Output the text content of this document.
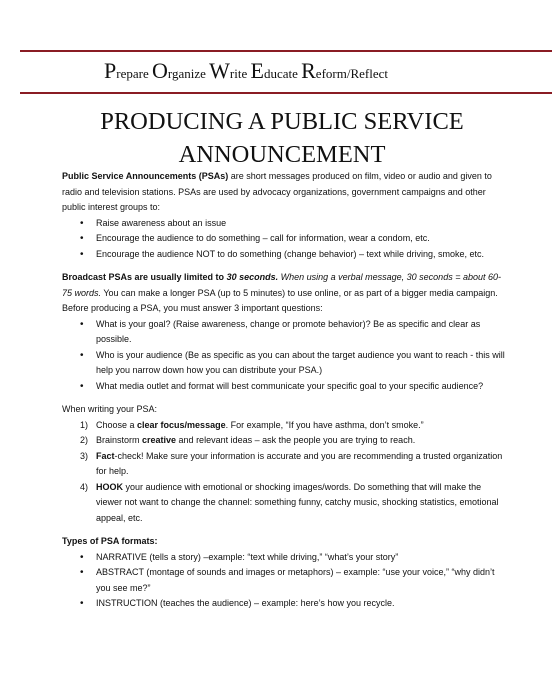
Prepare Organize Write Educate Reform/Reflect
PRODUCING A PUBLIC SERVICE
ANNOUNCEMENT

Public Service Announcements (PSAs) are short messages produced on film, video or audio and given to radio and television stations. PSAs are used by advocacy organizations, government campaigns and other public interest groups to:

• Raise awareness about an issue
• Encourage the audience to do something – call for information, wear a condom, etc.
• Encourage the audience NOT to do something (change behavior) – text while driving, smoke, etc.

Broadcast PSAs are usually limited to 30 seconds. When using a verbal message, 30 seconds = about 60-75 words. You can make a longer PSA (up to 5 minutes) to use online, or as part of a bigger media campaign.

Before producing a PSA, you must answer 3 important questions:

• What is your goal? (Raise awareness, change or promote behavior)? Be as specific and clear as possible.
• Who is your audience (Be as specific as you can about the target audience you want to reach - this will help you narrow down how you can distribute your PSA.)
• What media outlet and format will best communicate your specific goal to your specific audience?

When writing your PSA:

1) Choose a clear focus/message. For example, “If you have asthma, don’t smoke.”
2) Brainstorm creative and relevant ideas – ask the people you are trying to reach.
3) Fact-check! Make sure your information is accurate and you are recommending a trusted organization for help.
4) HOOK your audience with emotional or shocking images/words. Do something that will make the viewer not want to change the channel: something funny, catchy music, shocking statistics, emotional appeal, etc.

Types of PSA formats:

• NARRATIVE (tells a story) –example: “text while driving,” “what’s your story”
• ABSTRACT (montage of sounds and images or metaphors) – example: “use your voice,” “why didn’t you see me?”
• INSTRUCTION (teaches the audience) – example: here’s how you recycle.
